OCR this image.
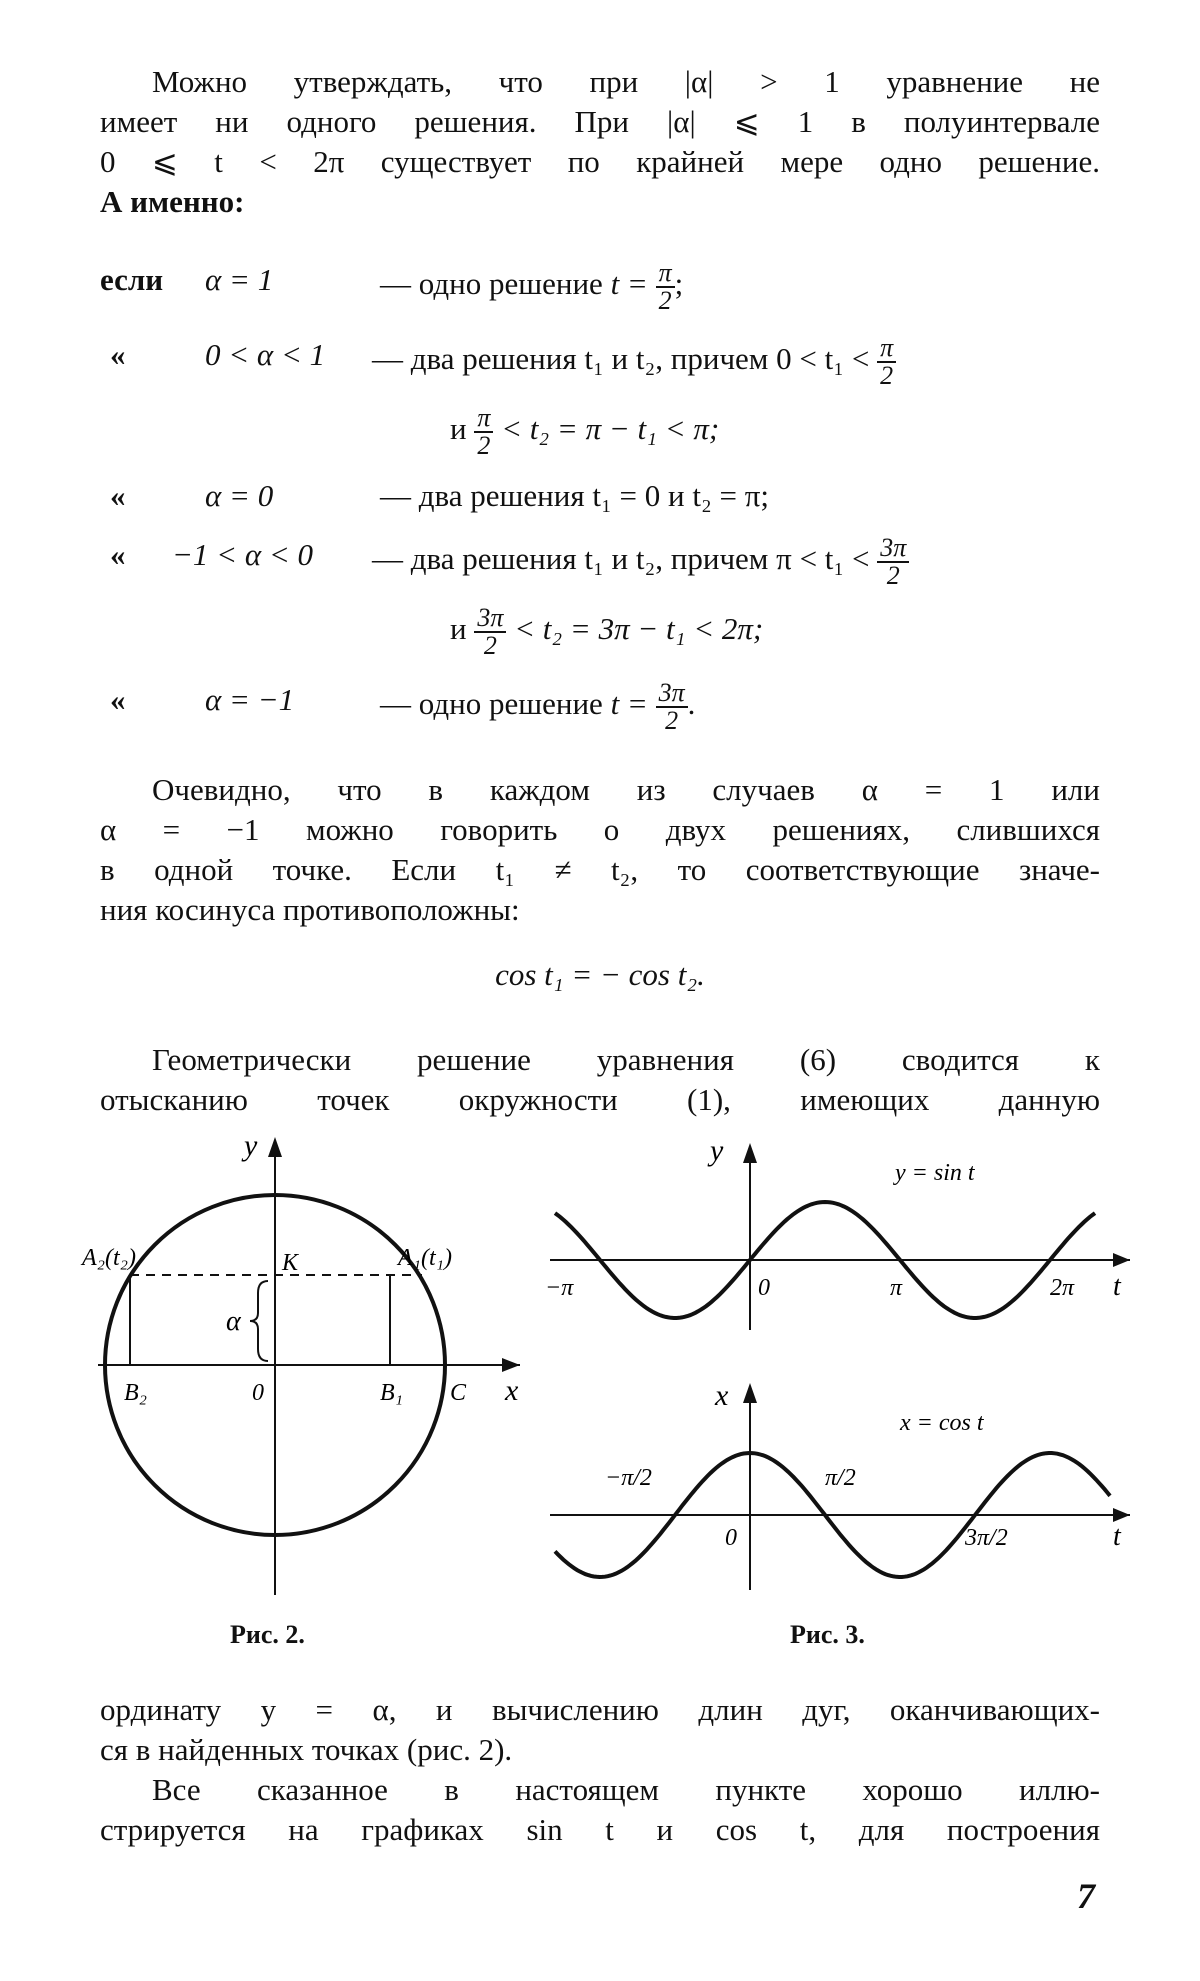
Можно утверждать, что при |α| > 1 уравнение не
имеет ни одного решения. При |α| ⩽ 1 в полуинтервале
0 ⩽ t < 2π существует по крайней мере одно решение.
А именно:
если	α = 1	— одно решение $t = \frac{\pi}{2}$ ;
«	0 < α < 1 — два решения t₁ и t₂, причем $0 < t_1 < \frac{\pi}{2}$
и $\frac{\pi}{2} < t_2 = \pi - t_1 < \pi$;
«	α = 0	— два решения t₁ = 0 и t₂ = π;
«	−1 < α < 0 — два решения t₁ и t₂, причем $\pi < t_1 < \frac{3\pi}{2}$
и $\frac{3\pi}{2} < t_2 = 3\pi - t_1 < 2\pi$;
«	α = −1	— одно решение $t = \frac{3\pi}{2}$ .
Очевидно, что в каждом из случаев α = 1 или
α = −1 можно говорить о двух решениях, слившихся
в одной точке. Если t₁ ≠ t₂, то соответствующие значе-
ния косинуса противоположны:
cos t₁ = − cos t₂.
Геометрически решение уравнения (6) сводится к
отысканию точек окружности (1), имеющих данную
y
x
K	A₁(t₁)
A₂(t₂)
α
B₂	0	B₁ C
Рис. 2.
y
y = sin t
−π	0	π	2π t
x
x = cos t
−π/2
0
π/2
3π/2	t
Рис. 3.
ординату y = α, и вычислению длин дуг, оканчивающих-
ся в найденных точках (рис. 2).
Все сказанное в настоящем пункте хорошо иллю-
стрируется на графиках sin t и cos t, для построения
7
